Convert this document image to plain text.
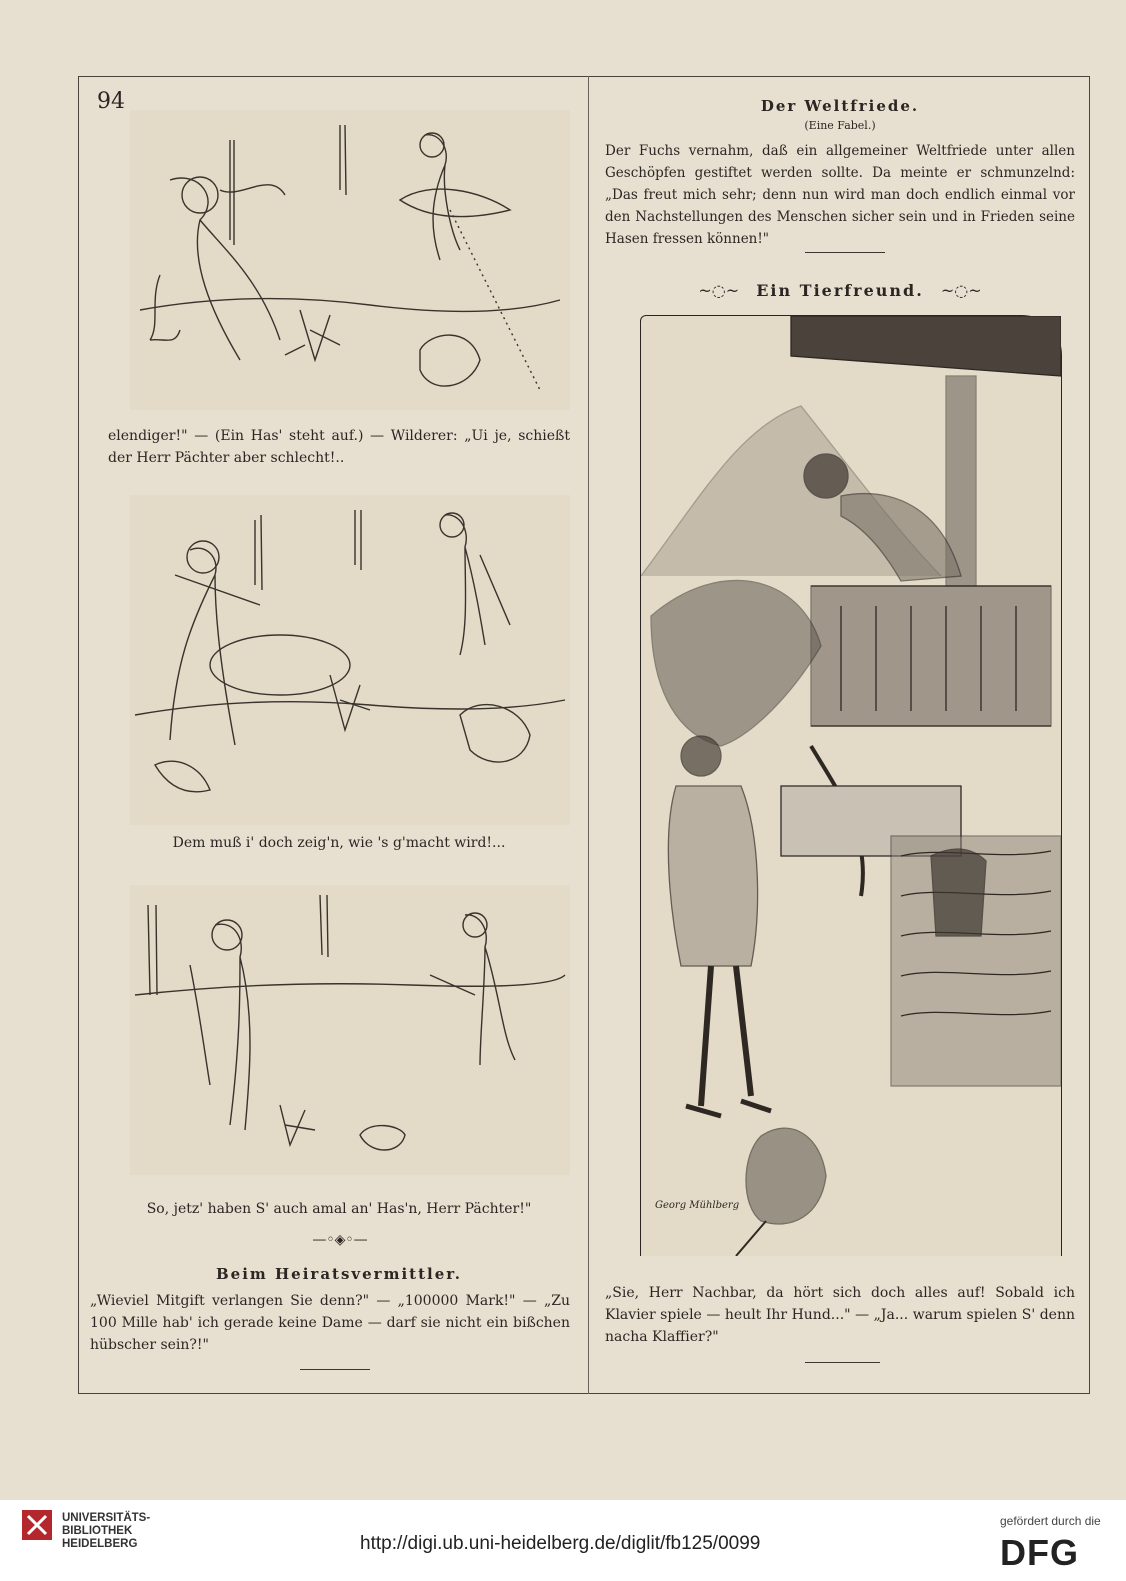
94
elendiger!" — (Ein Has' steht auf.) — Wilderer: „Ui je, schießt der Herr Pächter aber schlecht!..
Dem muß i' doch zeig'n, wie 's g'macht wird!...
So, jetz' haben S' auch amal an' Has'n, Herr Pächter!"
—◦◈◦—
Beim Heiratsvermittler.
„Wieviel Mitgift verlangen Sie denn?" — „100000 Mark!" — „Zu 100 Mille hab' ich gerade keine Dame — darf sie nicht ein bißchen hübscher sein?!"
Der Weltfriede.
(Eine Fabel.)
Der Fuchs vernahm, daß ein allgemeiner Weltfriede unter allen Geschöpfen gestiftet werden sollte. Da meinte er schmunzelnd: „Das freut mich sehr; denn nun wird man doch endlich einmal vor den Nachstellungen des Menschen sicher sein und in Frieden seine Hasen fressen können!"
~◌~ Ein Tierfreund. ~◌~
Georg Mühlberg
„Sie, Herr Nachbar, da hört sich doch alles auf! Sobald ich Klavier spiele — heult Ihr Hund..." — „Ja... warum spielen S' denn nacha Klaffier?"
UNIVERSITÄTS-
BIBLIOTHEK
HEIDELBERG	http://digi.ub.uni-heidelberg.de/diglit/fb125/0099
gefördert durch die
DFG
